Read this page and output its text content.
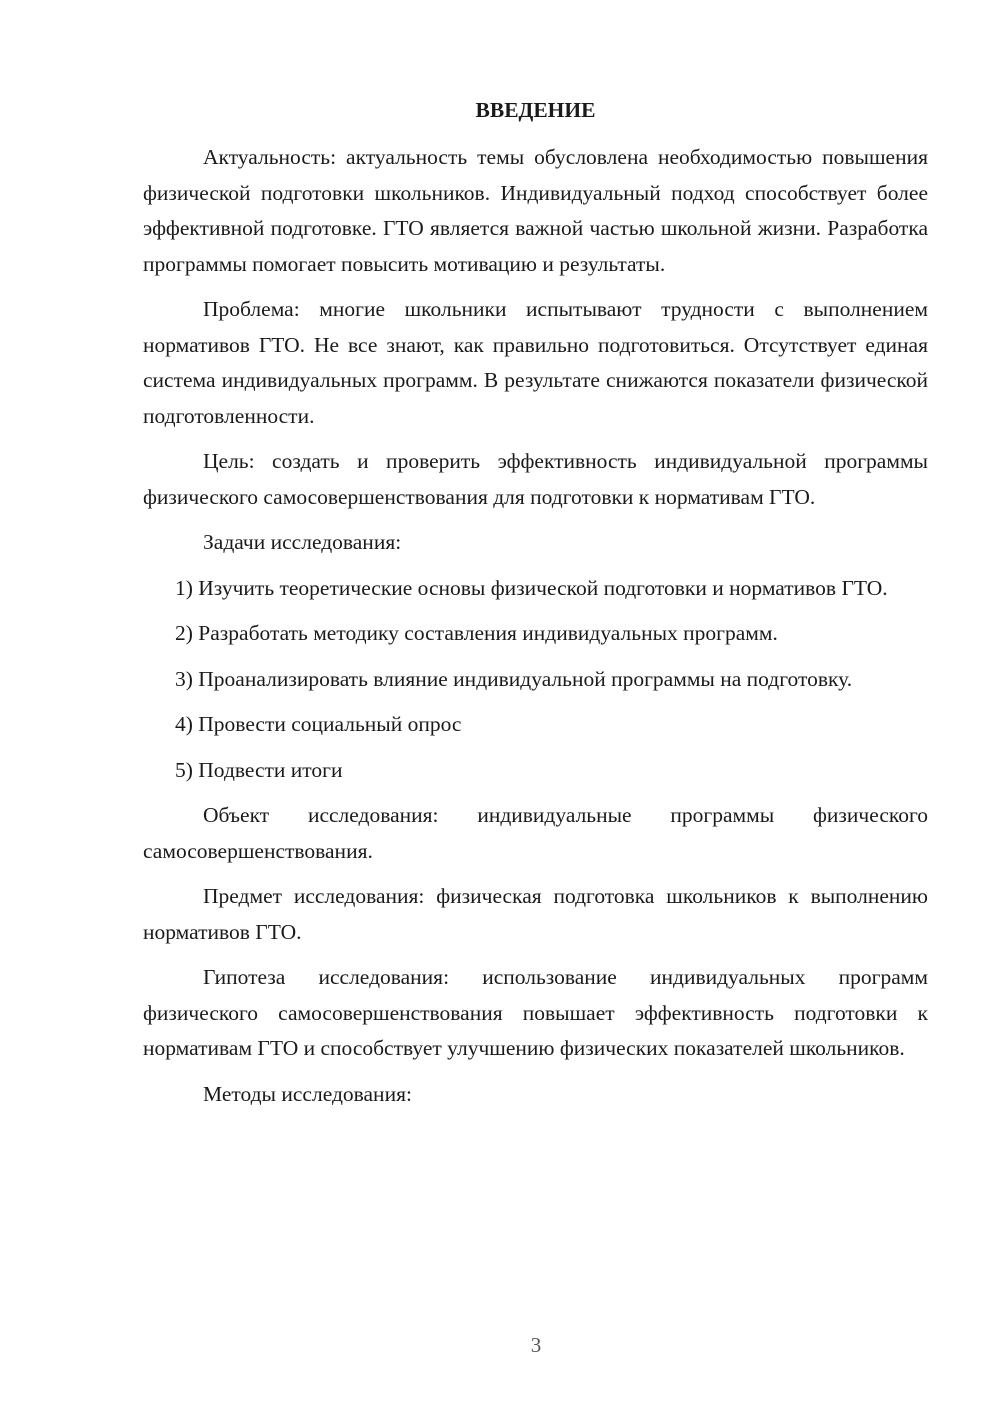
ВВЕДЕНИЕ

Актуальность: актуальность темы обусловлена необходимостью повышения физической подготовки школьников. Индивидуальный подход способствует более эффективной подготовке. ГТО является важной частью школьной жизни. Разработка программы помогает повысить мотивацию и результаты.

Проблема: многие школьники испытывают трудности с выполнением нормативов ГТО. Не все знают, как правильно подготовиться. Отсутствует единая система индивидуальных программ. В результате снижаются показатели физической подготовленности.

Цель: создать и проверить эффективность индивидуальной программы физического самосовершенствования для подготовки к нормативам ГТО.

Задачи исследования:

1) Изучить теоретические основы физической подготовки и нормативов ГТО.

2) Разработать методику составления индивидуальных программ.

3) Проанализировать влияние индивидуальной программы на подготовку.

4) Провести социальный опрос

5) Подвести итоги

Объект исследования: индивидуальные программы физического самосовершенствования.

Предмет исследования: физическая подготовка школьников к выполнению нормативов ГТО.

Гипотеза исследования: использование индивидуальных программ физического самосовершенствования повышает эффективность подготовки к нормативам ГТО и способствует улучшению физических показателей школьников.

Методы исследования:

3
